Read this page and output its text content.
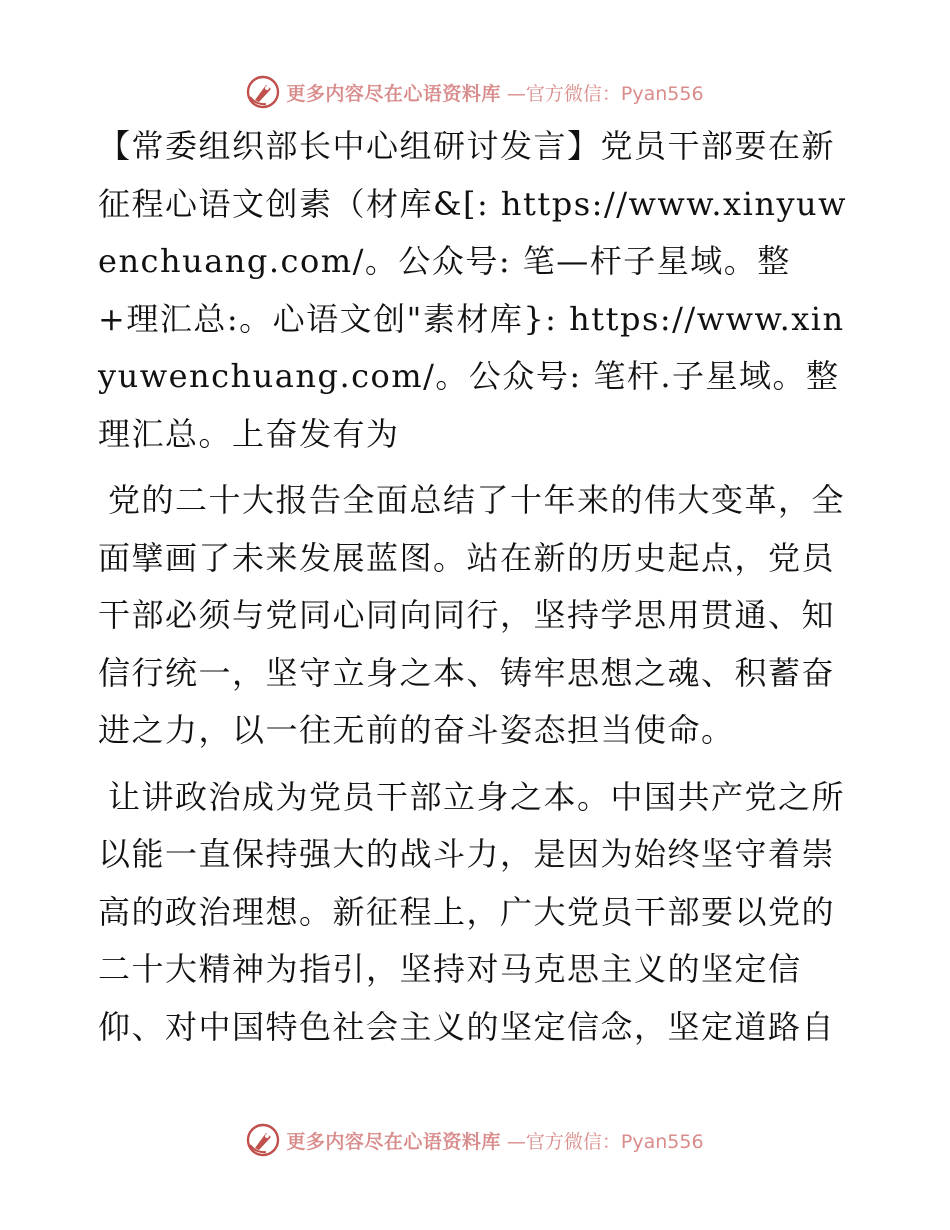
更多内容尽在心语资料库 —官方微信：Pyan556

【常委组织部长中心组研讨发言】党员干部要在新征程心语文创素（材库&[: https://www.xinyuwenchuang.com/。公众号: 笔—杆子星域。整+理汇总:。心语文创"素材库}: https://www.xinyuwenchuang.com/。公众号: 笔杆.子星域。整理汇总。上奋发有为

党的二十大报告全面总结了十年来的伟大变革，全面擘画了未来发展蓝图。站在新的历史起点，党员干部必须与党同心同向同行，坚持学思用贯通、知信行统一，坚守立身之本、铸牢思想之魂、积蓄奋进之力，以一往无前的奋斗姿态担当使命。

让讲政治成为党员干部立身之本。中国共产党之所以能一直保持强大的战斗力，是因为始终坚守着崇高的政治理想。新征程上，广大党员干部要以党的二十大精神为指引，坚持对马克思主义的坚定信仰、对中国特色社会主义的坚定信念，坚定道路自

更多内容尽在心语资料库 —官方微信：Pyan556
